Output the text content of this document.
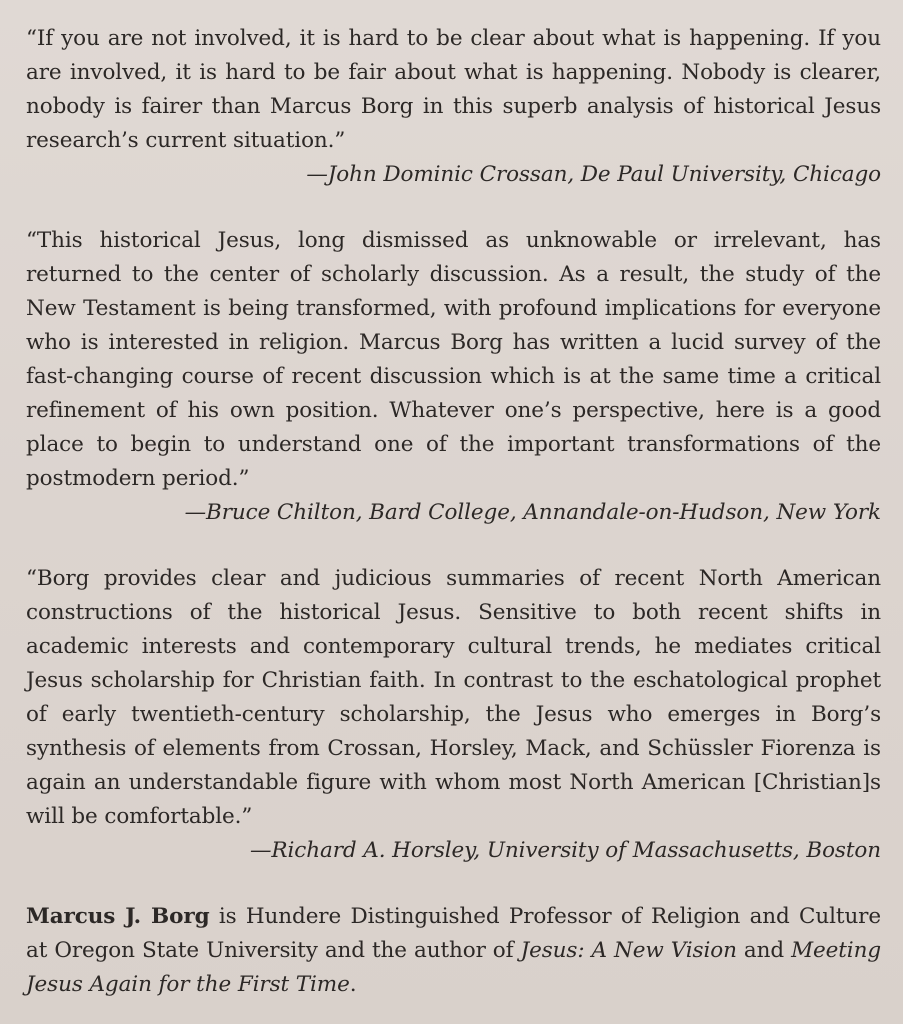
“If you are not involved, it is hard to be clear about what is happening. If you are involved, it is hard to be fair about what is happening. Nobody is clearer, nobody is fairer than Marcus Borg in this superb analysis of historical Jesus research’s current situation.”

—John Dominic Crossan, De Paul University, Chicago

“This historical Jesus, long dismissed as unknowable or irrelevant, has returned to the center of scholarly discussion. As a result, the study of the New Testament is being transformed, with profound implications for everyone who is interested in religion. Marcus Borg has written a lucid survey of the fast-changing course of recent discussion which is at the same time a critical refinement of his own position. Whatever one’s perspective, here is a good place to begin to understand one of the important transformations of the postmodern period.”

—Bruce Chilton, Bard College, Annandale-on-Hudson, New York

“Borg provides clear and judicious summaries of recent North American constructions of the historical Jesus. Sensitive to both recent shifts in academic interests and contemporary cultural trends, he mediates critical Jesus scholarship for Christian faith. In contrast to the eschatological prophet of early twentieth-century scholarship, the Jesus who emerges in Borg’s synthesis of elements from Crossan, Horsley, Mack, and Schüssler Fiorenza is again an understandable figure with whom most North American [Christian]s will be comfortable.”

—Richard A. Horsley, University of Massachusetts, Boston

Marcus J. Borg is Hundere Distinguished Professor of Religion and Culture at Oregon State University and the author of Jesus: A New Vision and Meeting Jesus Again for the First Time.
